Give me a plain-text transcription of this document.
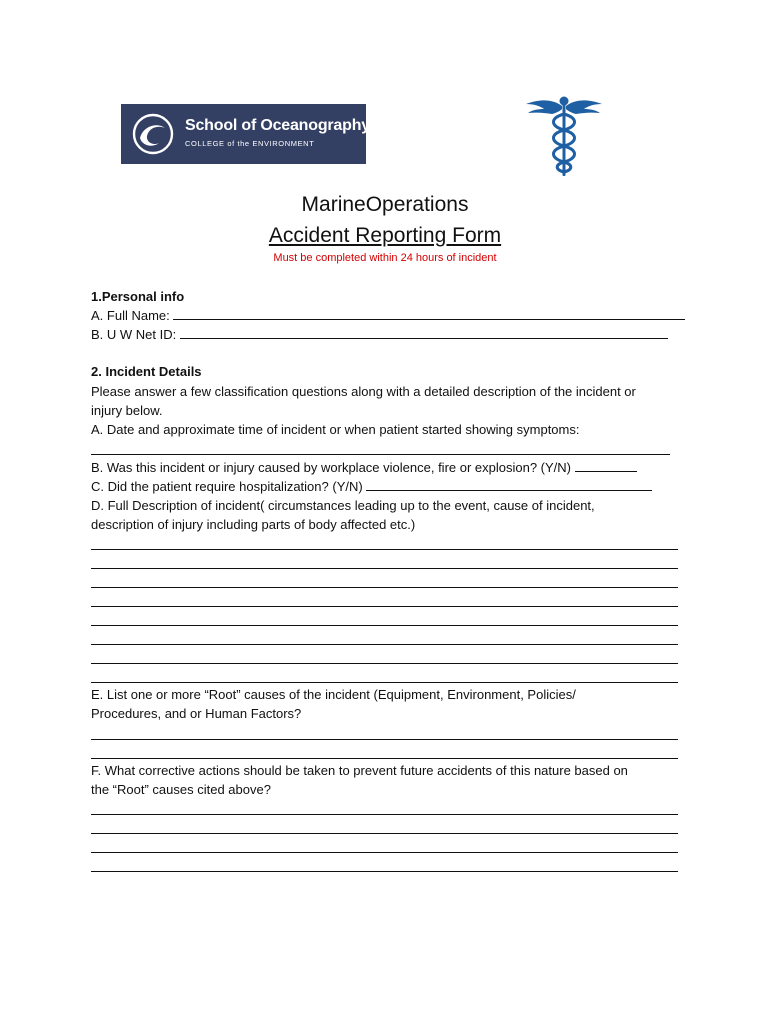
School of Oceanography
COLLEGE of the ENVIRONMENT
MarineOperations
Accident Reporting Form
Must be completed within 24 hours of incident
1.Personal info
A. Full Name:
B. U W Net ID:
2. Incident Details
Please answer a few classification questions along with a detailed description of the incident or
injury below.
A. Date and approximate time of incident or when patient started showing symptoms:
B. Was this incident or injury caused by workplace violence, fire or explosion? (Y/N)
C. Did the patient require hospitalization? (Y/N)
D. Full Description of incident( circumstances leading up to the event, cause of incident,
description of injury including parts of body affected etc.)
E. List one or more “Root” causes of the incident (Equipment, Environment, Policies/
Procedures, and or Human Factors?
F. What corrective actions should be taken to prevent future accidents of this nature based on
the “Root” causes cited above?
